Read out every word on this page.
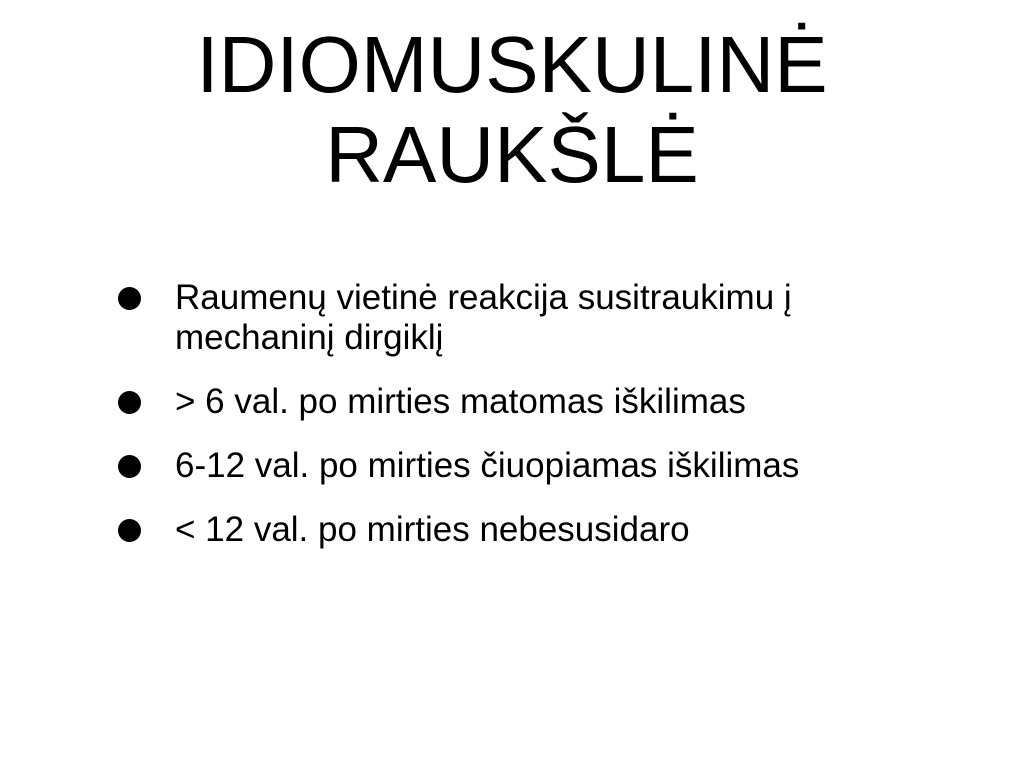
IDIOMUSKULINĖ
RAUKŠLĖ
Raumenų vietinė reakcija susitraukimu į
mechaninį dirgiklį
> 6 val. po mirties matomas iškilimas
6-12 val. po mirties čiuopiamas iškilimas
< 12 val. po mirties nebesusidaro
